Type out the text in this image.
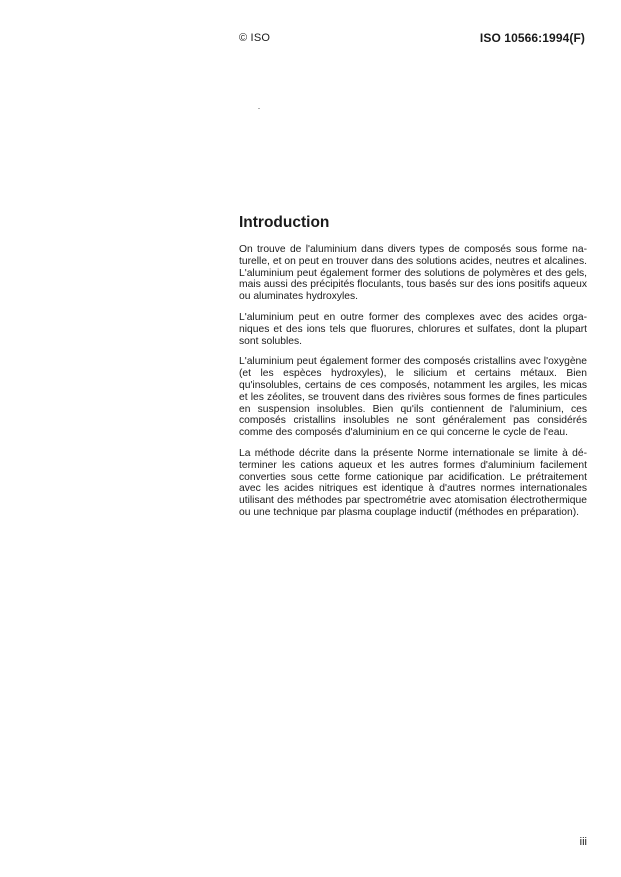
© ISO	ISO 10566:1994(F)
Introduction

On trouve de l'aluminium dans divers types de composés sous forme naturelle, et on peut en trouver dans des solutions acides, neutres et alcalines. L'aluminium peut également former des solutions de polymères et des gels, mais aussi des précipités floculants, tous basés sur des ions positifs aqueux ou aluminates hydroxyles.

L'aluminium peut en outre former des complexes avec des acides organiques et des ions tels que fluorures, chlorures et sulfates, dont la plupart sont solubles.

L'aluminium peut également former des composés cristallins avec l'oxygène (et les espèces hydroxyles), le silicium et certains métaux. Bien qu'insolubles, certains de ces composés, notamment les argiles, les micas et les zéolites, se trouvent dans des rivières sous formes de fines particules en suspension insolubles. Bien qu'ils contiennent de l'aluminium, ces composés cristallins insolubles ne sont généralement pas considérés comme des composés d'aluminium en ce qui concerne le cycle de l'eau.

La méthode décrite dans la présente Norme internationale se limite à déterminer les cations aqueux et les autres formes d'aluminium facilement converties sous cette forme cationique par acidification. Le prétraitement avec les acides nitriques est identique à d'autres normes internationales utilisant des méthodes par spectrométrie avec atomisation électrothermique ou une technique par plasma couplage inductif (méthodes en préparation).

iii
